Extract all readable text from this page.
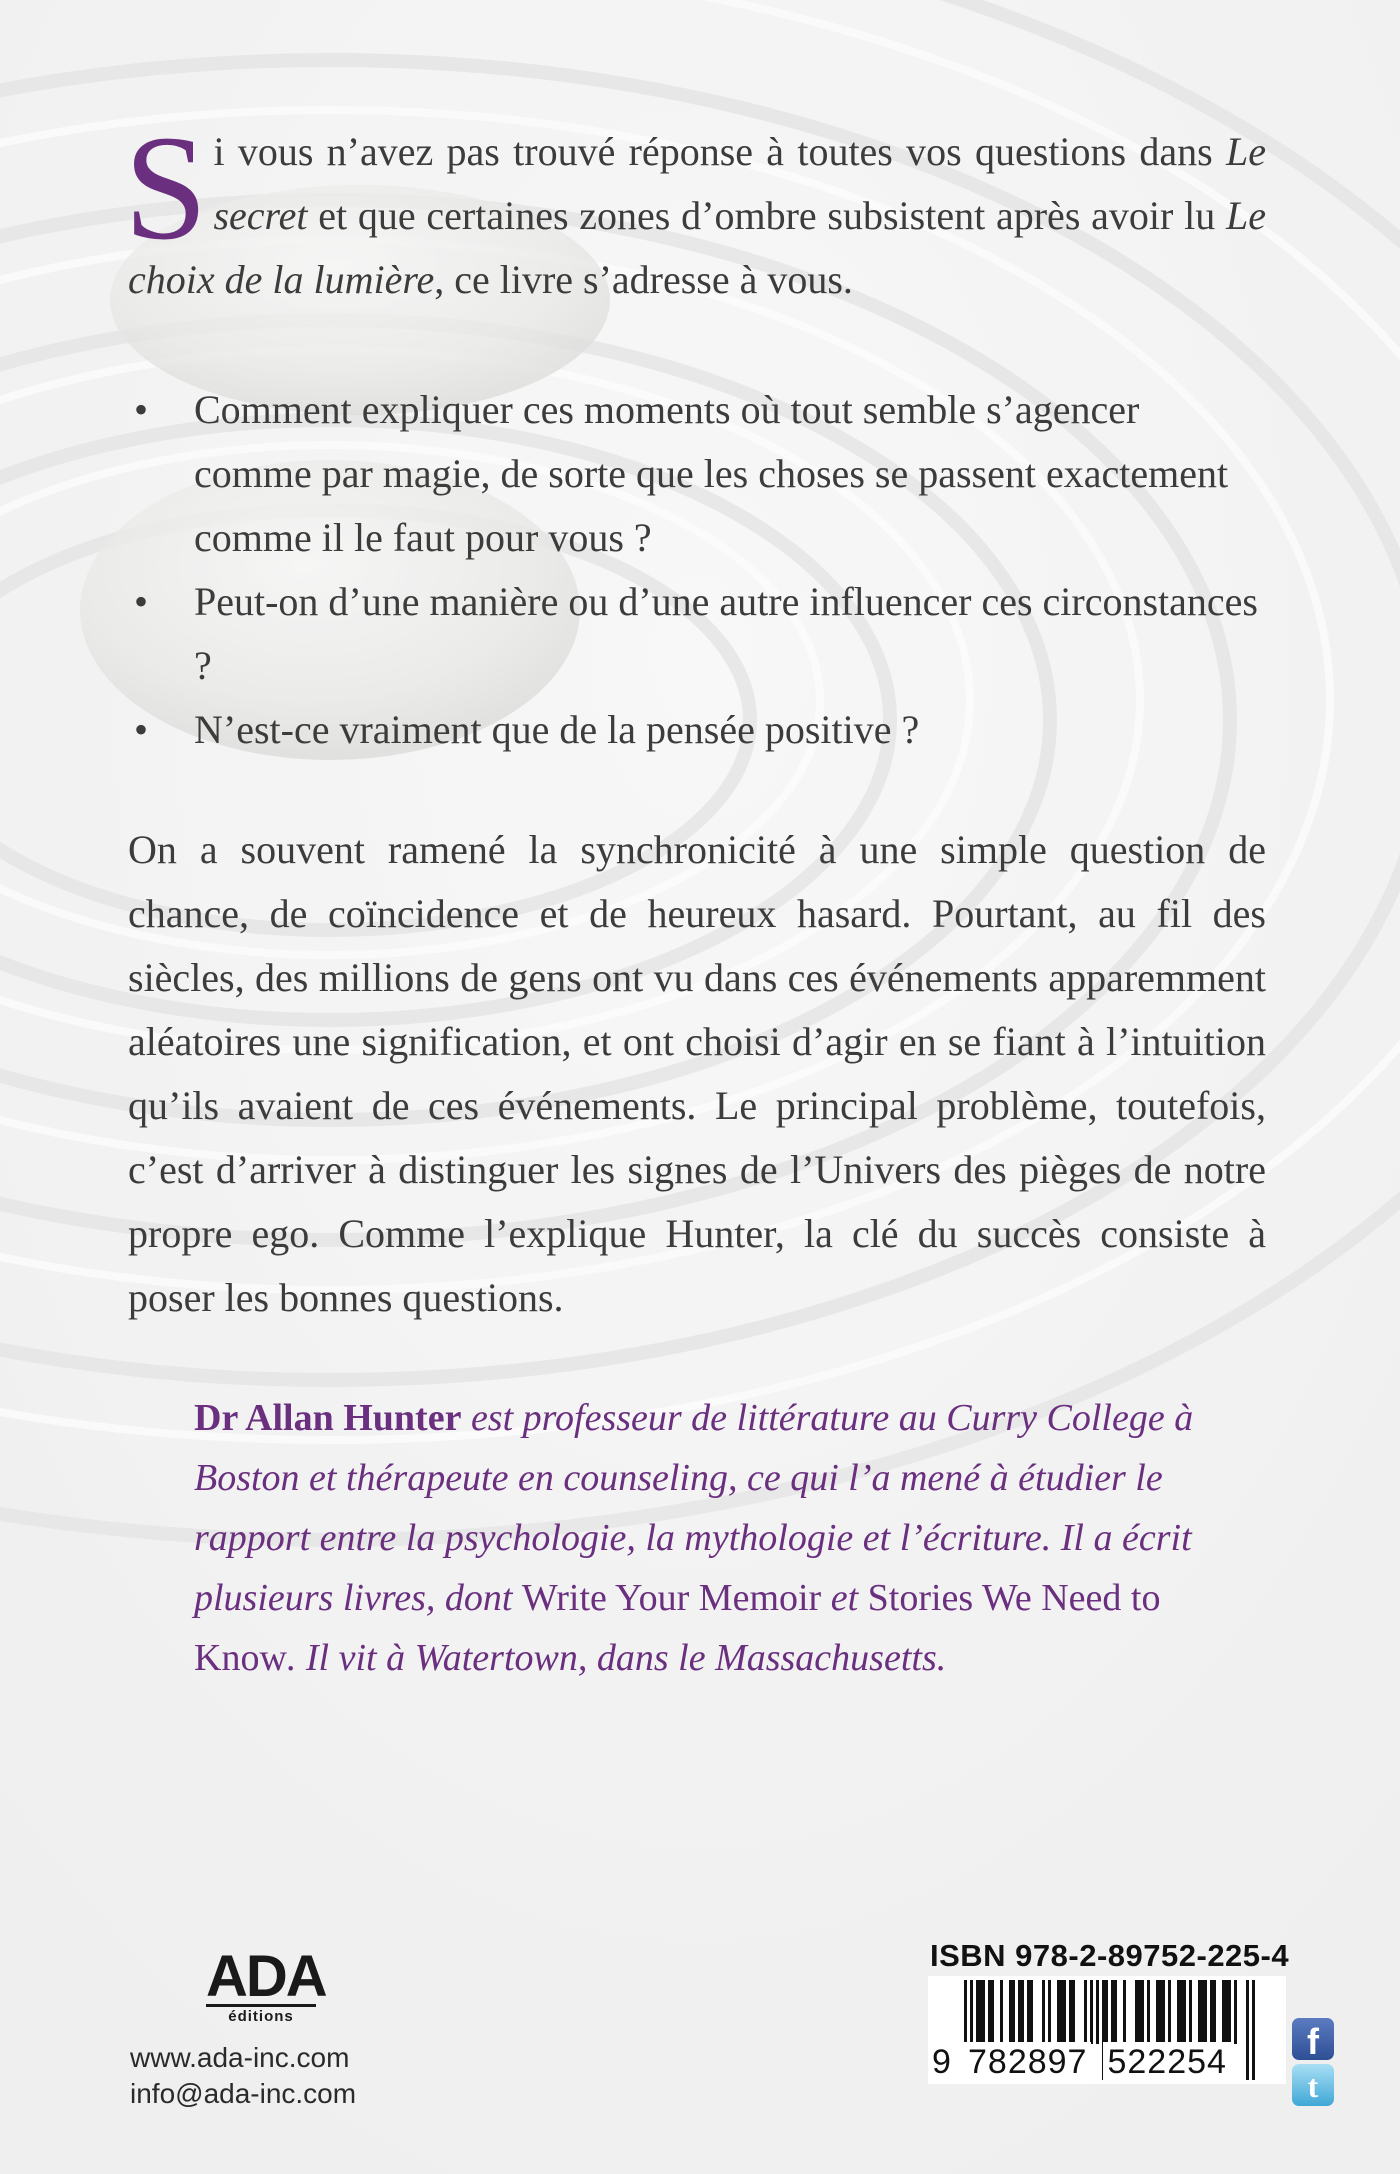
Si vous n’avez pas trouvé réponse à toutes vos questions dans Le secret et que certaines zones d’ombre subsistent après avoir lu Le choix de la lumière, ce livre s’adresse à vous.
• Comment expliquer ces moments où tout semble s’agencer comme par magie, de sorte que les choses se passent exactement comme il le faut pour vous ?
• Peut-on d’une manière ou d’une autre influencer ces circonstances ?
• N’est-ce vraiment que de la pensée positive ?

On a souvent ramené la synchronicité à une simple question de chance, de coïncidence et de heureux hasard. Pourtant, au fil des siècles, des millions de gens ont vu dans ces événements apparemment aléatoires une signification, et ont choisi d’agir en se fiant à l’intuition qu’ils avaient de ces événements. Le principal problème, toutefois, c’est d’arriver à distinguer les signes de l’Univers des pièges de notre propre ego. Comme l’explique Hunter, la clé du succès consiste à poser les bonnes questions.

Dr Allan Hunter est professeur de littérature au Curry College à Boston et thérapeute en counseling, ce qui l’a mené à étudier le rapport entre la psychologie, la mythologie et l’écriture. Il a écrit plusieurs livres, dont Write Your Memoir et Stories We Need to Know. Il vit à Watertown, dans le Massachusetts.
ADA
éditions
www.ada-inc.com
info@ada-inc.com
ISBN 978-2-89752-225-4
9 782897 522254	f
t
